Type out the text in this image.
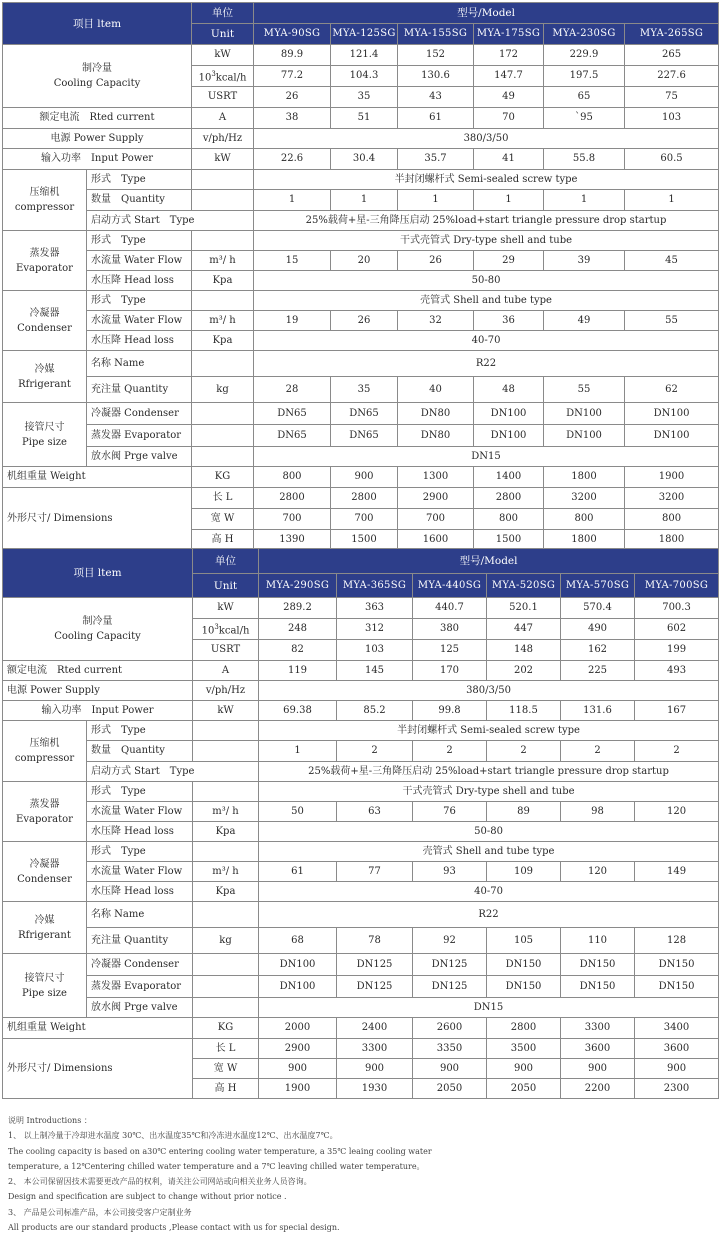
项目 ltem		单位	型号/Model					
		Unit	MYA-90SG	MYA-125SG	MYA-155SG	MYA-175SG	MYA-230SG	MYA-265SG

制冷量
Cooling Capacity		kW	89.9	121.4	152	172	229.9	265
		$10^3kcal/h$	77.2	104.3	130.6	147.7	197.5	227.6
		USRT	26	35	43	49	65	75
额定电流　Rted current		A	38	51	61	70	`95	103
电源 Power Supply		v/ph/Hz	380/3/50					
输入功率　Input Power		kW	22.6	30.4	35.7	41	55.8	60.5

压缩机
compressor	形式　Type		半封闭螺杆式 Semi-sealed screw type					
	数量　Quantity		1	1	1	1	1	1
	启动方式 Start　Type		25%载荷+星-三角降压启动 25%load+start triangle pressure drop startup					

蒸发器
Evaporator	形式　Type		干式壳管式 Dry-type shell and tube					
	水流量 Water Flow	m³/ h	15	20	26	29	39	45
	水压降 Head loss	Kpa	50-80					

冷凝器
Condenser	形式　Type		壳管式 Shell and tube type					
	水流量 Water Flow	m³/ h	19	26	32	36	49	55
	水压降 Head loss	Kpa	40-70					

冷媒
Rfrigerant	名称 Name		R22					
	充注量 Quantity	kg	28	35	40	48	55	62

接管尺寸
Pipe size	冷凝器 Condenser		DN65	DN65	DN80	DN100	DN100	DN100
	蒸发器 Evaporator		DN65	DN65	DN80	DN100	DN100	DN100
	放水阀 Prge valve		DN15					
机组重量 Weight		KG	800	900	1300	1400	1800	1900
外形尺寸/ Dimensions		长 L	2800	2800	2900	2800	3200	3200
		宽 W	700	700	700	800	800	800
		高 H	1390	1500	1600	1500	1800	1800
项目 ltem		单位	型号/Model					
		Unit	MYA-290SG	MYA-365SG	MYA-440SG	MYA-520SG	MYA-570SG	MYA-700SG

制冷量
Cooling Capacity		kW	289.2	363	440.7	520.1	570.4	700.3
		$10^3kcal/h$	248	312	380	447	490	602
		USRT	82	103	125	148	162	199
额定电流　Rted current		A	119	145	170	202	225	493
电源 Power Supply		v/ph/Hz	380/3/50					
输入功率　Input Power		kW	69.38	85.2	99.8	118.5	131.6	167

压缩机
compressor	形式　Type		半封闭螺杆式 Semi-sealed screw type					
	数量　Quantity		1	2	2	2	2	2
	启动方式 Start　Type		25%载荷+星-三角降压启动 25%load+start triangle pressure drop startup					

蒸发器
Evaporator	形式　Type		干式壳管式 Dry-type shell and tube					
	水流量 Water Flow	m³/ h	50	63	76	89	98	120
	水压降 Head loss	Kpa	50-80					

冷凝器
Condenser	形式　Type		壳管式 Shell and tube type					
	水流量 Water Flow	m³/ h	61	77	93	109	120	149
	水压降 Head loss	Kpa	40-70					

冷媒
Rfrigerant	名称 Name		R22					
	充注量 Quantity	kg	68	78	92	105	110	128

接管尺寸
Pipe size	冷凝器 Condenser		DN100	DN125	DN125	DN150	DN150	DN150
	蒸发器 Evaporator		DN100	DN125	DN125	DN150	DN150	DN150
	放水阀 Prge valve		DN15					
机组重量 Weight		KG	2000	2400	2600	2800	3300	3400
外形尺寸/ Dimensions		长 L	2900	3300	3350	3500	3600	3600
		宽 W	900	900	900	900	900	900
		高 H	1900	1930	2050	2050	2200	2300
说明 Introductions ：
1、 以上制冷量于冷却进水温度 30℃、出水温度35℃和冷冻进水温度12℃、出水温度7℃。
The cooling capacity is based on a30℃ entering cooling water temperature, a 35℃ leaing cooling water
temperature, a 12℃entering chilled water temperature and a 7℃ leaving chilled water temperature。
2、 本公司保留因技术需要更改产品的权利，请关注公司网站或向相关业务人员咨询。
Design and specification are subject to change without prior notice .
3、 产品是公司标准产品，本公司接受客户定制业务
All products are our standard products ,Please contact with us for special design.
